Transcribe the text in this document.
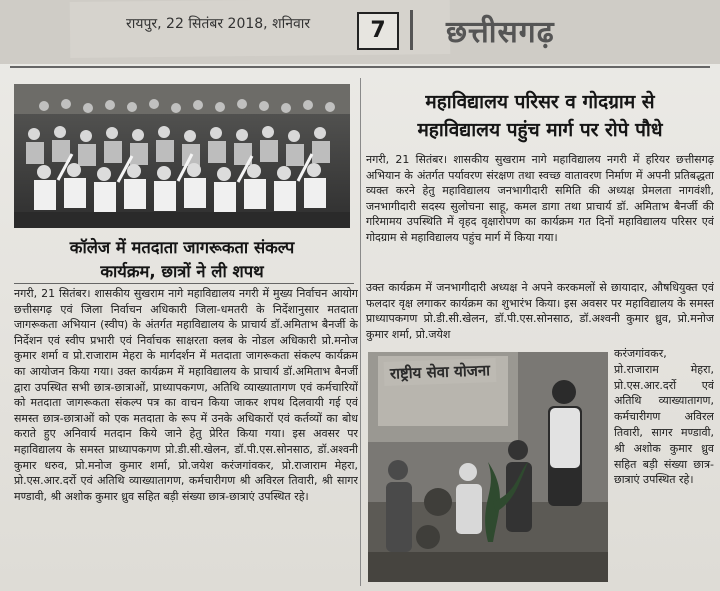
रायपुर, 22 सितंबर 2018, शनिवार	7	छत्तीसगढ़
कॉलेज में मतदाता जागरूकता संकल्प
कार्यक्रम, छात्रों ने ली शपथ
नगरी, 21 सितंबर। शासकीय सुखराम नागे महाविद्यालय नगरी में मुख्य निर्वाचन आयोग छत्तीसगढ़ एवं जिला निर्वाचन अधिकारी जिला-धमतरी के निर्देशानुसार मतदाता जागरूकता अभियान (स्वीप) के अंतर्गत महाविद्यालय के प्राचार्य डॉ.अमिताभ बैनर्जी के निर्देशन एवं स्वीप प्रभारी एवं निर्वाचक साक्षरता क्लब के नोडल अधिकारी प्रो.मनोज कुमार शर्मा व प्रो.राजाराम मेहरा के मार्गदर्शन में मतदाता जागरूकता संकल्प कार्यक्रम का आयोजन किया गया। उक्त कार्यक्रम में महाविद्यालय के प्राचार्य डॉ.अमिताभ बैनर्जी द्वारा उपस्थित सभी छात्र-छात्राओं, प्राध्यापकगण, अतिथि व्याख्यातागण एवं कर्मचारियों को मतदाता जागरूकता संकल्प पत्र का वाचन किया जाकर शपथ दिलवायी गई एवं समस्त छात्र-छात्राओं को एक मतदाता के रूप में उनके अधिकारों एवं कर्तव्यों का बोध कराते हुए अनिवार्य मतदान किये जाने हेतु प्रेरित किया गया। इस अवसर पर महाविद्यालय के समस्त प्राध्यापकगण प्रो.डी.सी.खेलन, डॉ.पी.एस.सोनसाठ, डॉ.अश्वनी कुमार धरुव, प्रो.मनोज कुमार शर्मा, प्रो.जयेश करंजगांवकर, प्रो.राजाराम मेहरा, प्रो.एस.आर.दर्रो एवं अतिथि व्याख्यातागण, कर्मचारीगण श्री अविरल तिवारी, श्री सागर मण्डावी, श्री अशोक कुमार ध्रुव सहित बड़ी संख्या छात्र-छात्राएं उपस्थित रहे।
महाविद्यालय परिसर व गोदग्राम से
महाविद्यालय पहुंच मार्ग पर रोपे पौधे
नगरी, 21 सितंबर। शासकीय सुखराम नागे महाविद्यालय नगरी में हरियर छत्तीसगढ़ अभियान के अंतर्गत पर्यावरण संरक्षण तथा स्वच्छ वातावरण निर्माण में अपनी प्रतिबद्धता व्यक्त करने हेतु महाविद्यालय जनभागीदारी समिति की अध्यक्ष प्रेमलता नागवंशी, जनभागीदारी सदस्य सुलोचना साहू, कमल डागा तथा प्राचार्य डॉ. अमिताभ बैनर्जी की गरिमामय उपस्थिति में वृहद वृक्षारोपण का कार्यक्रम गत दिनों महाविद्यालय परिसर एवं गोदग्राम से महाविद्यालय पहुंच मार्ग में किया गया।
उक्त कार्यक्रम में जनभागीदारी अध्यक्ष ने अपने करकमलों से छायादार, औषधियुक्त एवं फलदार वृक्ष लगाकर कार्यक्रम का शुभारंभ किया। इस अवसर पर महाविद्यालय के समस्त प्राध्यापकगण प्रो.डी.सी.खेलन, डॉ.पी.एस.सोनसाठ, डॉ.अश्वनी कुमार ध्रुव, प्रो.मनोज कुमार शर्मा, प्रो.जयेश
राष्ट्रीय सेवा योजना
करंजगांवकर, प्रो.राजाराम मेहरा, प्रो.एस.आर.दर्रो एवं अतिथि व्याख्यातागण, कर्मचारीगण अविरल तिवारी, सागर मण्डावी, श्री अशोक कुमार ध्रुव सहित बड़ी संख्या छात्र-छात्राएं उपस्थित रहे।
